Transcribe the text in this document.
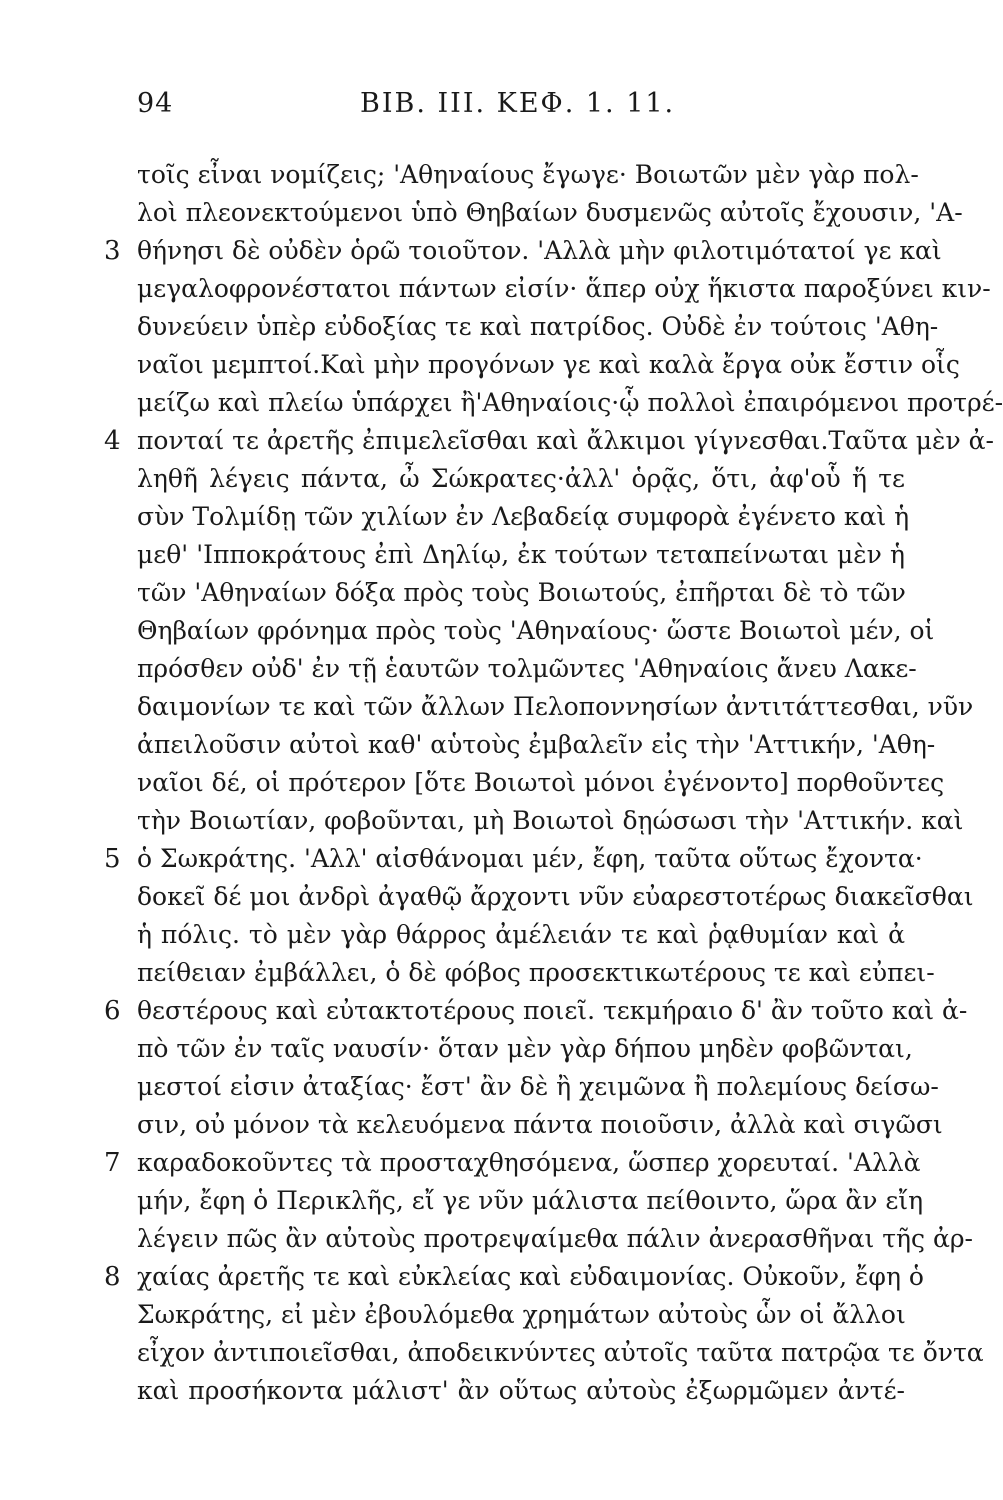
94	BIB. III. ΚΕΦ. 1. 11.
τοῖς εἶναι νομίζεις; 'Αθηναίους ἔγωγε· Βοιωτῶν μὲν γὰρ πολ-
λοὶ πλεονεκτούμενοι ὑπὸ Θηβαίων δυσμενῶς αὐτοῖς ἔχουσιν, 'Α-
θήνησι δὲ οὐδὲν ὁρῶ τοιοῦτον. 'Αλλὰ μὴν φιλοτιμότατοί γε καὶ
μεγαλοφρονέστατοι πάντων εἰσίν· ἅπερ οὐχ ἥκιστα παροξύνει κιν-
δυνεύειν ὑπὲρ εὐδοξίας τε καὶ πατρίδος. Οὐδὲ ἐν τούτοις 'Αθη-
ναῖοι μεμπτοί.Καὶ μὴν προγόνων γε καὶ καλὰ ἔργα οὐκ ἔστιν οἷς
μείζω καὶ πλείω ὑπάρχει ἢ'Αθηναίοις·ᾧ πολλοὶ ἐπαιρόμενοι προτρέ-
πονταί τε ἀρετῆς ἐπιμελεῖσθαι καὶ ἄλκιμοι γίγνεσθαι.Ταῦτα μὲν ἀ-
ληθῆ λέγεις πάντα, ὦ Σώκρατες·ἀλλ' ὁρᾷς, ὅτι, ἀφ'οὗ ἥ τε
σὺν Τολμίδῃ τῶν χιλίων ἐν Λεβαδείᾳ συμφορὰ ἐγένετο καὶ ἡ
μεθ' 'Ιπποκράτους ἐπὶ Δηλίῳ, ἐκ τούτων τεταπείνωται μὲν ἡ
τῶν 'Αθηναίων δόξα πρὸς τοὺς Βοιωτούς, ἐπῆρται δὲ τὸ τῶν
Θηβαίων φρόνημα πρὸς τοὺς 'Αθηναίους· ὥστε Βοιωτοὶ μέν, οἱ
πρόσθεν οὐδ' ἐν τῇ ἑαυτῶν τολμῶντες 'Αθηναίοις ἄνευ Λακε-
δαιμονίων τε καὶ τῶν ἄλλων Πελοποννησίων ἀντιτάττεσθαι, νῦν
ἀπειλοῦσιν αὐτοὶ καθ' αὑτοὺς ἐμβαλεῖν εἰς τὴν 'Αττικήν, 'Αθη-
ναῖοι δέ, οἱ πρότερον [ὅτε Βοιωτοὶ μόνοι ἐγένοντο] πορθοῦντες
τὴν Βοιωτίαν, φοβοῦνται, μὴ Βοιωτοὶ δῃώσωσι τὴν 'Αττικήν. καὶ
ὁ Σωκράτης. 'Αλλ' αἰσθάνομαι μέν, ἔφη, ταῦτα οὕτως ἔχοντα·
δοκεῖ δέ μοι ἀνδρὶ ἀγαθῷ ἄρχοντι νῦν εὐαρεστοτέρως διακεῖσθαι
ἡ πόλις. τὸ μὲν γὰρ θάρρος ἀμέλειάν τε καὶ ῥᾳθυμίαν καὶ ἀ
πείθειαν ἐμβάλλει, ὁ δὲ φόβος προσεκτικωτέρους τε καὶ εὐπει-
θεστέρους καὶ εὐτακτοτέρους ποιεῖ. τεκμήραιο δ' ἂν τοῦτο καὶ ἀ-
πὸ τῶν ἐν ταῖς ναυσίν· ὅταν μὲν γὰρ δήπου μηδὲν φοβῶνται,
μεστοί εἰσιν ἀταξίας· ἔστ' ἂν δὲ ἢ χειμῶνα ἢ πολεμίους δείσω-
σιν, οὐ μόνον τὰ κελευόμενα πάντα ποιοῦσιν, ἀλλὰ καὶ σιγῶσι
καραδοκοῦντες τὰ προσταχθησόμενα, ὥσπερ χορευταί. 'Αλλὰ
μήν, ἔφη ὁ Περικλῆς, εἴ γε νῦν μάλιστα πείθοιντο, ὥρα ἂν εἴη
λέγειν πῶς ἂν αὐτοὺς προτρεψαίμεθα πάλιν ἀνερασθῆναι τῆς ἀρ-
χαίας ἀρετῆς τε καὶ εὐκλείας καὶ εὐδαιμονίας. Οὐκοῦν, ἔφη ὁ
Σωκράτης, εἰ μὲν ἐβουλόμεθα χρημάτων αὐτοὺς ὧν οἱ ἄλλοι
εἶχον ἀντιποιεῖσθαι, ἀποδεικνύντες αὐτοῖς ταῦτα πατρῷα τε ὄντα
καὶ προσήκοντα μάλιστ' ἂν οὕτως αὐτοὺς ἐξωρμῶμεν ἀντέ-
3
4
5
6
7
8
